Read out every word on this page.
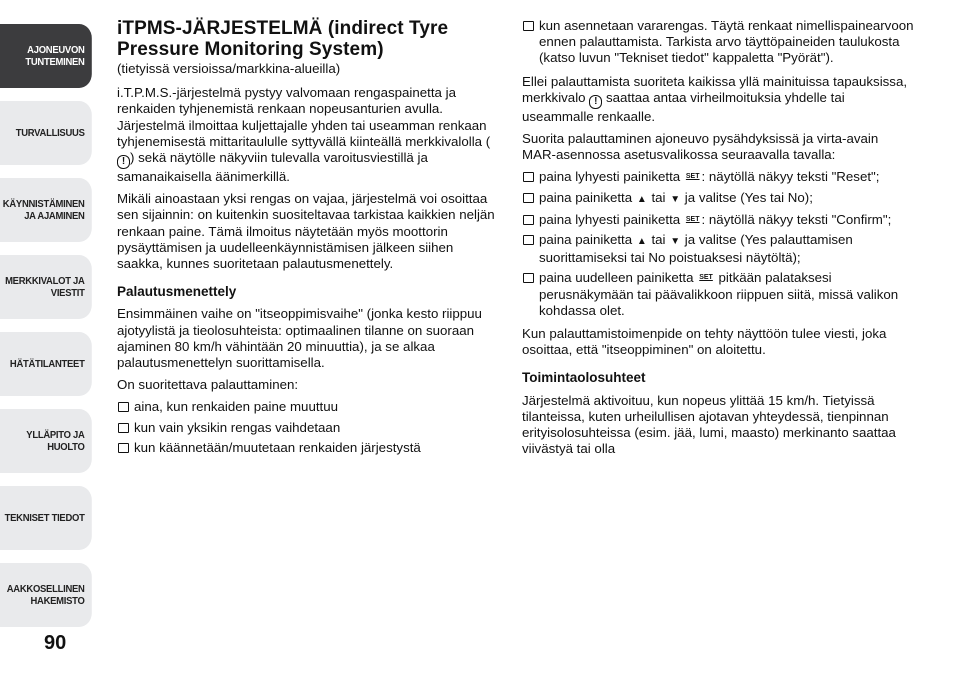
AJONEUVON
TUNTEMINEN
TURVALLISUUS
KÄYNNISTÄMINEN
JA AJAMINEN
MERKKIVALOT JA
VIESTIT
HÄTÄTILANTEET
YLLÄPITO JA HUOLTO
TEKNISET TIEDOT
AAKKOSELLINEN
HAKEMISTO
90
iTPMS-JÄRJESTELMÄ (indirect Tyre
Pressure Monitoring System)

(tietyissä versioissa/markkina-alueilla)

i.T.P.M.S.-järjestelmä pystyy valvomaan rengaspainetta ja renkaiden tyhjenemistä renkaan nopeusanturien avulla. Järjestelmä ilmoittaa kuljettajalle yhden tai useamman renkaan tyhjenemisestä mittaritaululle syttyvällä kiinteällä merkkivalolla (! ) sekä näytölle näkyviin tulevalla varoitusviestillä ja samanaikaisella äänimerkillä.

Mikäli ainoastaan yksi rengas on vajaa, järjestelmä voi osoittaa sen sijainnin: on kuitenkin suositeltavaa tarkistaa kaikkien neljän renkaan paine. Tämä ilmoitus näytetään myös moottorin pysäyttämisen ja uudelleenkäynnistämisen jälkeen siihen saakka, kunnes suoritetaan palautusmenettely.

Palautusmenettely

Ensimmäinen vaihe on "itseoppimisvaihe" (jonka kesto riippuu ajotyylistä ja tieolosuhteista: optimaalinen tilanne on suoraan ajaminen 80 km/h vähintään 20 minuuttia), ja se alkaa palautusmenettelyn suorittamisella.

On suoritettava palauttaminen:

aina, kun renkaiden paine muuttuu
kun vain yksikin rengas vaihdetaan
kun käännetään/muutetaan renkaiden järjestystä
kun asennetaan vararengas. Täytä renkaat nimellispainearvoon ennen palauttamista. Tarkista arvo täyttöpaineiden taulukosta (katso luvun "Tekniset tiedot" kappaletta "Pyörät").

Ellei palauttamista suoriteta kaikissa yllä mainituissa tapauksissa, merkkivalo ! saattaa antaa virheilmoituksia yhdelle tai useammalle renkaalle.

Suorita palauttaminen ajoneuvo pysähdyksissä ja virta-avain MAR-asennossa asetusvalikossa seuraavalla tavalla:

paina lyhyesti painiketta SET : näytöllä näkyy teksti "Reset";
paina painiketta ▲ tai ▼ ja valitse (Yes tai No);
paina lyhyesti painiketta SET : näytöllä näkyy teksti "Confirm";
paina painiketta ▲ tai ▼ ja valitse (Yes palauttamisen suorittamiseksi tai No poistuaksesi näytöltä);
paina uudelleen painiketta SET pitkään palataksesi perusnäkymään tai päävalikkoon riippuen siitä, missä valikon kohdassa olet.

Kun palauttamistoimenpide on tehty näyttöön tulee viesti, joka osoittaa, että "itseoppiminen" on aloitettu.

Toimintaolosuhteet

Järjestelmä aktivoituu, kun nopeus ylittää 15 km/h. Tietyissä tilanteissa, kuten urheilullisen ajotavan yhteydessä, tienpinnan erityisolosuhteissa (esim. jää, lumi, maasto) merkinanto saattaa viivästyä tai olla
